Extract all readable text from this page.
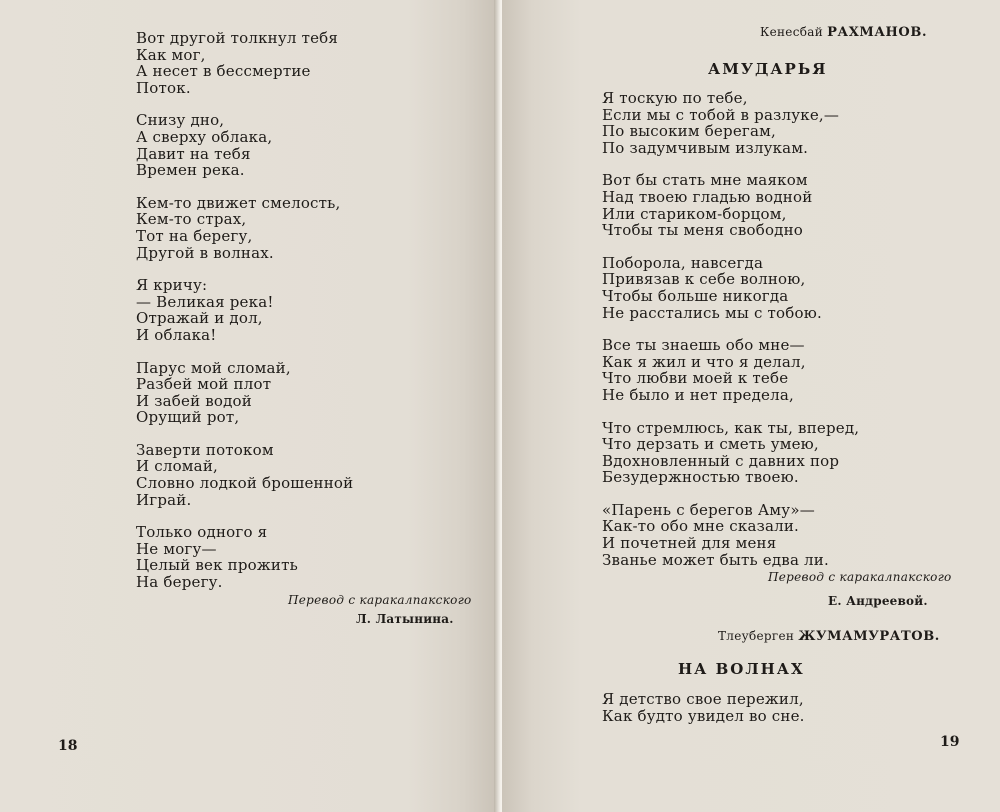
Вот другой толкнул тебя
Как мог,
А несет в бессмертие
Поток.
Снизу дно,
А сверху облака,
Давит на тебя
Времен река.
Кем-то движет смелость,
Кем-то страх,
Тот на берегу,
Другой в волнах.
Я кричу:
— Великая река!
Отражай и дол,
И облака!
Парус мой сломай,
Разбей мой плот
И забей водой
Орущий рот,
Заверти потоком
И сломай,
Словно лодкой брошенной
Играй.
Только одного я
Не могу—
Целый век прожить
На берегу.
Перевод с каракалпакского
Л. Латынина.
18
Кенесбай РАХМАНОВ.
АМУДАРЬЯ
Я тоскую по тебе,
Если мы с тобой в разлуке,—
По высоким берегам,
По задумчивым излукам.
Вот бы стать мне маяком
Над твоею гладью водной
Или стариком-борцом,
Чтобы ты меня свободно
Поборола, навсегда
Привязав к себе волною,
Чтобы больше никогда
Не расстались мы с тобою.
Все ты знаешь обо мне—
Как я жил и что я делал,
Что любви моей к тебе
Не было и нет предела,
Что стремлюсь, как ты, вперед,
Что дерзать и сметь умею,
Вдохновленный с давних пор
Безудержностью твоею.
«Парень с берегов Аму»—
Как-то обо мне сказали.
И почетней для меня
Званье может быть едва ли.
Перевод с каракалпакского
Е. Андреевой.
Тлеуберген ЖУМАМУРАТОВ.
НА ВОЛНАХ
Я детство свое пережил,
Как будто увидел во сне.
19
